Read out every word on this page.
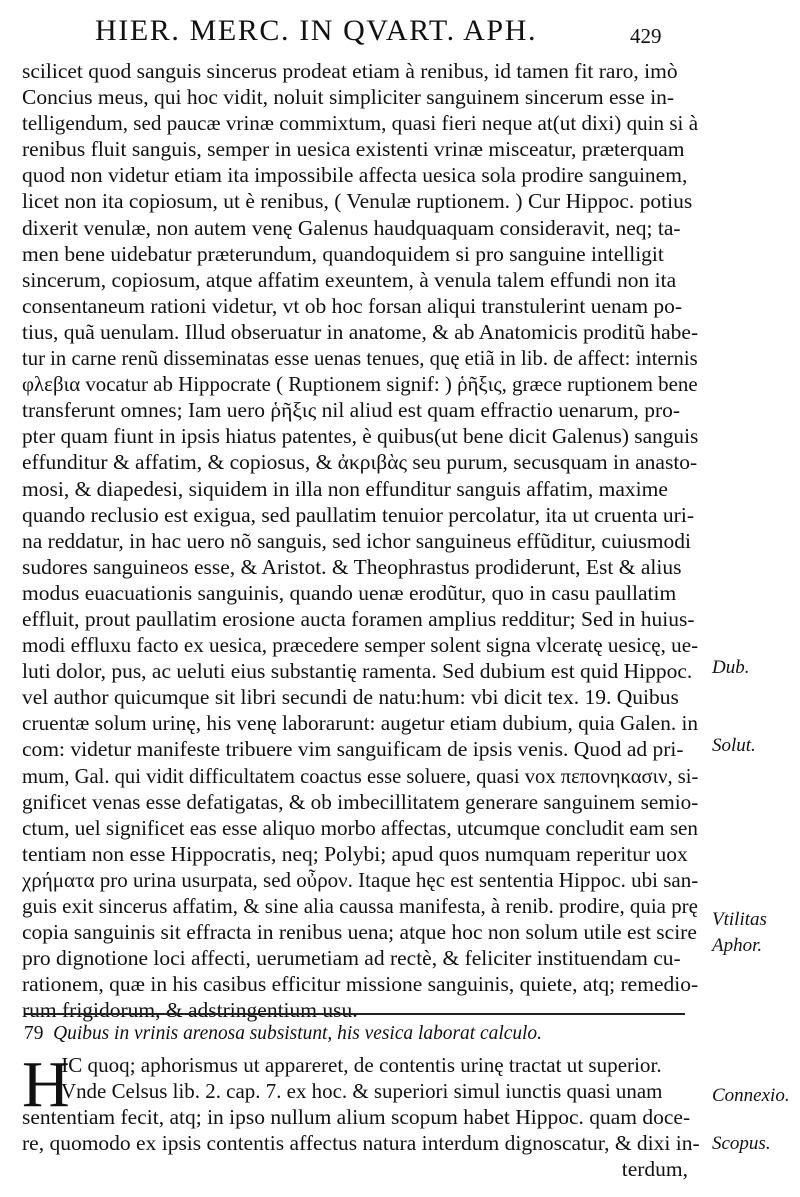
HIER. MERC. IN QVART. APH.	429
scilicet quod sanguis sincerus prodeat etiam à renibus, id tamen fit raro, imò
Concius meus, qui hoc vidit, noluit simpliciter sanguinem sincerum esse in-
telligendum, sed paucæ vrinæ commixtum, quasi fieri neque at(ut dixi) quin si à
renibus fluit sanguis, semper in uesica existenti vrinæ misceatur, præterquam
quod non videtur etiam ita impossibile affecta uesica sola prodire sanguinem,
licet non ita copiosum, ut è renibus, ( Venulæ ruptionem. ) Cur Hippoc. potius
dixerit venulæ, non autem venę Galenus haudquaquam consideravit, neq; ta-
men bene uidebatur præterundum, quandoquidem si pro sanguine intelligit
sincerum, copiosum, atque affatim exeuntem, à venula talem effundi non ita
consentaneum rationi videtur, vt ob hoc forsan aliqui transtulerint uenam po-
tius, quã uenulam. Illud obseruatur in anatome, & ab Anatomicis proditũ habe-
tur in carne renũ disseminatas esse uenas tenues, quę etiã in lib. de affect: internis
φλεβια vocatur ab Hippocrate ( Ruptionem signif: ) ῥῆξις, græce ruptionem bene
transferunt omnes; Iam uero ῥῆξις nil aliud est quam effractio uenarum, pro-
pter quam fiunt in ipsis hiatus patentes, è quibus(ut bene dicit Galenus) sanguis
effunditur & affatim, & copiosus, & ἀκριβὰς seu purum, secusquam in anasto-
mosi, & diapedesi, siquidem in illa non effunditur sanguis affatim, maxime
quando reclusio est exigua, sed paullatim tenuior percolatur, ita ut cruenta uri-
na reddatur, in hac uero nõ sanguis, sed ichor sanguineus effũditur, cuiusmodi
sudores sanguineos esse, & Aristot. & Theophrastus prodiderunt, Est & alius
modus euacuationis sanguinis, quando uenæ erodũtur, quo in casu paullatim
effluit, prout paullatim erosione aucta foramen amplius redditur; Sed in huius-
modi effluxu facto ex uesica, præcedere semper solent signa vlceratę uesicę, ue-
luti dolor, pus, ac ueluti eius substantię ramenta. Sed dubium est quid Hippoc.
vel author quicumque sit libri secundi de natu:hum: vbi dicit tex. 19. Quibus
cruentæ solum urinę, his venę laborarunt: augetur etiam dubium, quia Galen. in
com: videtur manifeste tribuere vim sanguificam de ipsis venis. Quod ad pri-
mum, Gal. qui vidit difficultatem coactus esse soluere, quasi vox πεπονηκασιν, si-
gnificet venas esse defatigatas, & ob imbecillitatem generare sanguinem semio-
ctum, uel significet eas esse aliquo morbo affectas, utcumque concludit eam sen
tentiam non esse Hippocratis, neq; Polybi; apud quos numquam reperitur uox
χρήματα pro urina usurpata, sed οὖρον. Itaque hęc est sententia Hippoc. ubi san-
guis exit sincerus affatim, & sine alia caussa manifesta, à renib. prodire, quia prę
copia sanguinis sit effracta in renibus uena; atque hoc non solum utile est scire
pro dignotione loci affecti, uerumetiam ad rectè, & feliciter instituendam cu-
rationem, quæ in his casibus efficitur missione sanguinis, quiete, atq; remedio-
rum frigidorum, & adstringentium usu.
Dub.
Solut.
Vtilitas
Aphor.
Connexio.
Scopus.
79 Quibus in vrinis arenosa subsistunt, his vesica laborat calculo.
H
IC quoq; aphorismus ut appareret, de contentis urinę tractat ut superior.
Vnde Celsus lib. 2. cap. 7. ex hoc. & superiori simul iunctis quasi unam
sententiam fecit, atq; in ipso nullum alium scopum habet Hippoc. quam doce-
re, quomodo ex ipsis contentis affectus natura interdum dignoscatur, & dixi in-
terdum,
